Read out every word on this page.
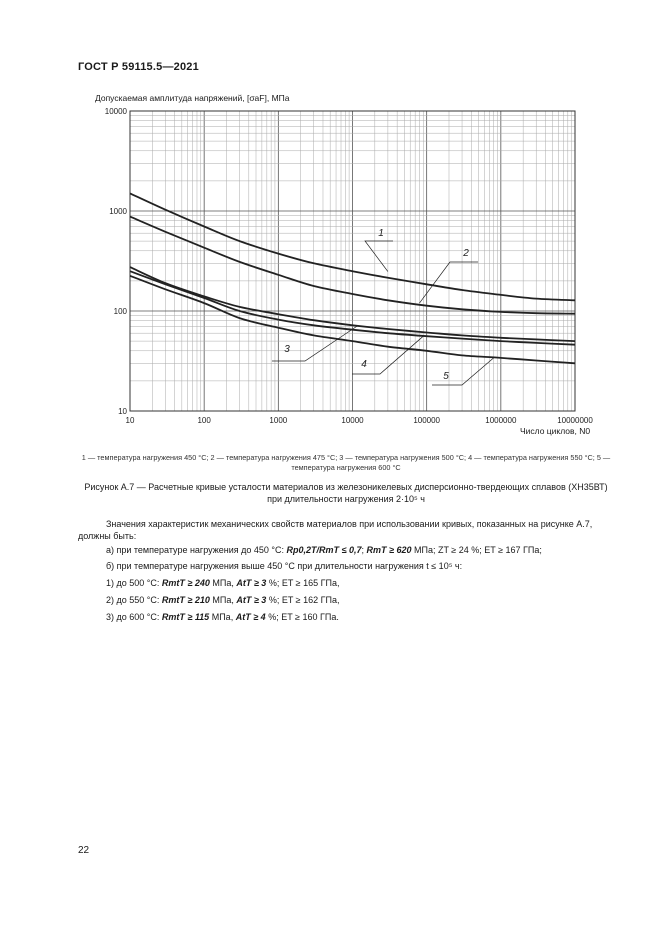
ГОСТ Р 59115.5—2021
Допускаемая амплитуда напряжений, [σaF], МПа
Число циклов, N0
10	100	1000	10000	100000	1000000	10000000
10000
1000
100
10
1
2
3
4
5
1 — температура нагружения 450 °С; 2 — температура нагружения 475 °С; 3 — температура нагружения 500 °С; 4 — температура нагружения 550 °С; 5 — температура нагружения 600 °С
Рисунок А.7 — Расчетные кривые усталости материалов из железоникелевых дисперсионно-твердеющих сплавов (ХН35ВТ) при длительности нагружения 2·10⁵ ч
Значения характеристик механических свойств материалов при использовании кривых, показанных на рисунке А.7, должны быть:
а) при температуре нагружения до 450 °С: Rp0,2T/RmT ≤ 0,7; RmT ≥ 620 МПа; ZT ≥ 24 %; ET ≥ 167 ГПа;
б) при температуре нагружения выше 450 °С при длительности нагружения t ≤ 10⁵ ч:
1) до 500 °С: RmtT ≥ 240 МПа, AtT ≥ 3 %; ET ≥ 165 ГПа,
2) до 550 °С: RmtT ≥ 210 МПа, AtT ≥ 3 %; ET ≥ 162 ГПа,
3) до 600 °С: RmtT ≥ 115 МПа, AtT ≥ 4 %; ET ≥ 160 ГПа.
22
